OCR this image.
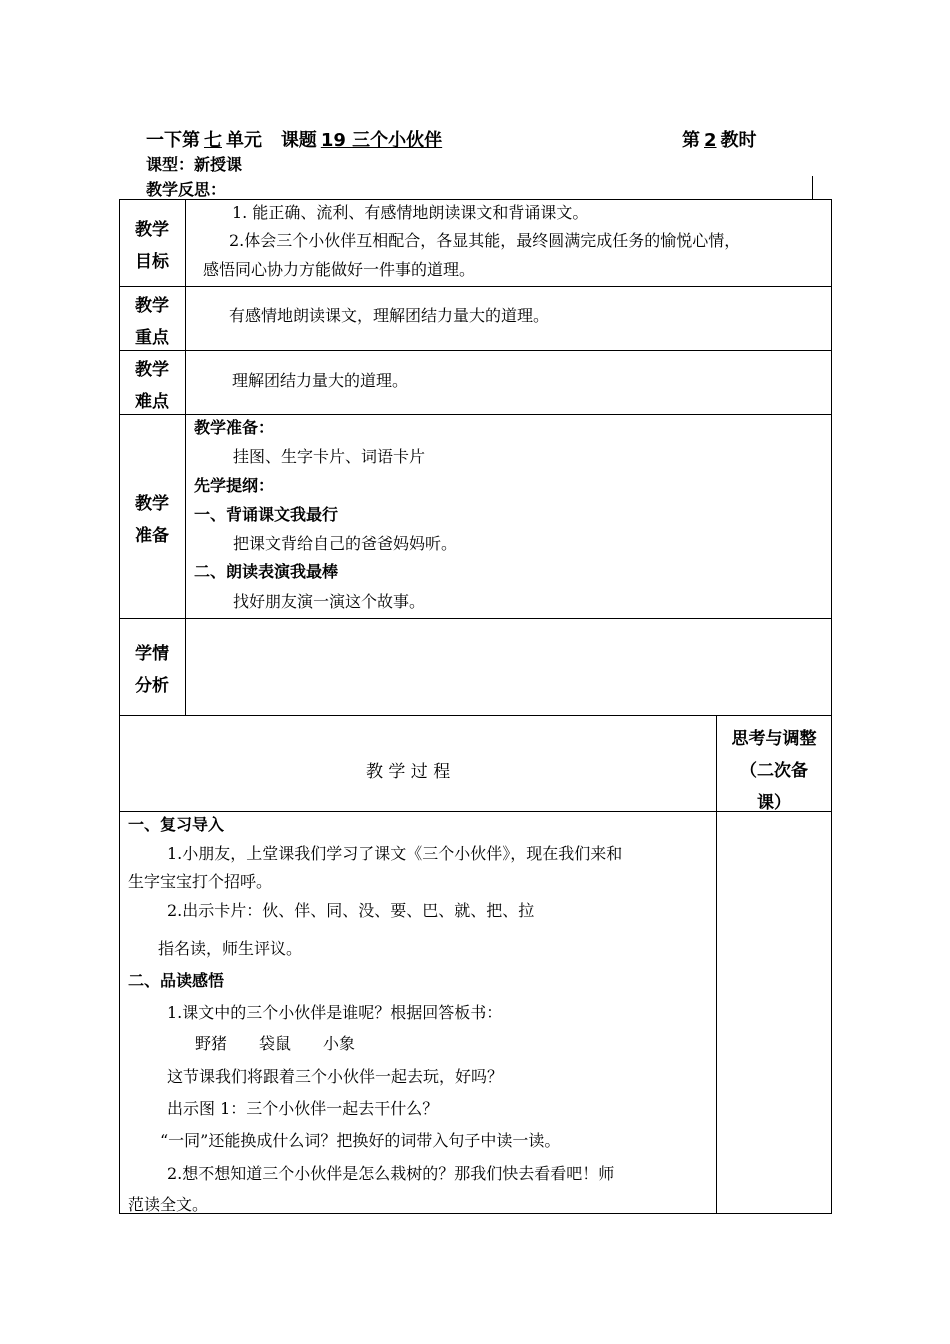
一下第 七 单元 课题 19 三个小伙伴	第 2 教时
课型：新授课
教学反思：
教学
目标
教学
重点
教学
难点
教学
准备
学情
分析
1. 能正确、流利、有感情地朗读课文和背诵课文。
2.体会三个小伙伴互相配合，各显其能，最终圆满完成任务的愉悦心情，
感悟同心协力方能做好一件事的道理。
有感情地朗读课文，理解团结力量大的道理。
理解团结力量大的道理。
教学准备：
挂图、生字卡片、词语卡片
先学提纲：
一、背诵课文我最行
把课文背给自己的爸爸妈妈听。
二、朗读表演我最棒
找好朋友演一演这个故事。
教 学 过 程
思考与调整
（二次备
课）
一、复习导入
1.小朋友，上堂课我们学习了课文《三个小伙伴》，现在我们来和
生字宝宝打个招呼。
2.出示卡片：伙、伴、同、没、要、巴、就、把、拉
指名读，师生评议。
二、品读感悟
1.课文中的三个小伙伴是谁呢？根据回答板书：
野猪　　袋鼠　　小象
这节课我们将跟着三个小伙伴一起去玩，好吗？
出示图 1：三个小伙伴一起去干什么？
“一同”还能换成什么词？把换好的词带入句子中读一读。
2.想不想知道三个小伙伴是怎么栽树的？那我们快去看看吧！师
范读全文。
